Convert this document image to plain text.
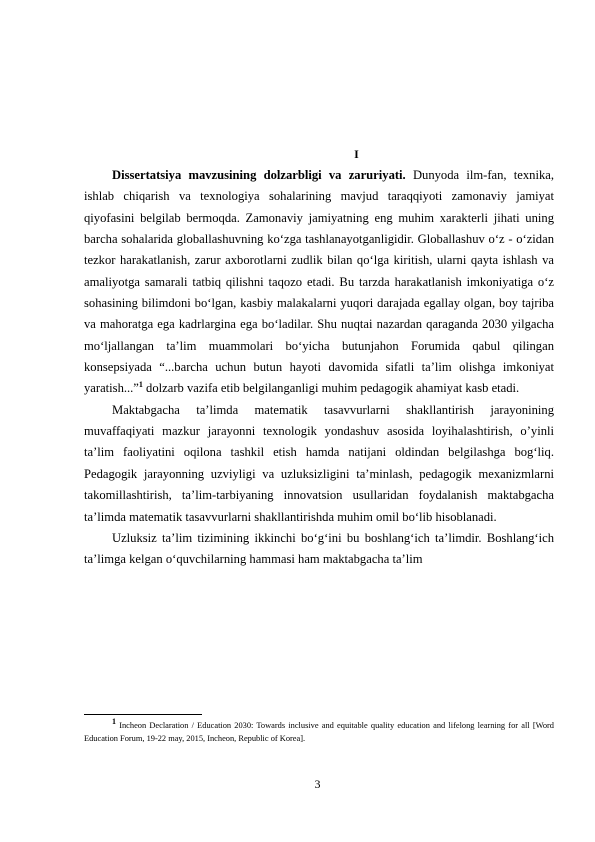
I

Dissertatsiya mavzusining dolzarbligi va zaruriyati. Dunyoda ilm-fan, texnika, ishlab chiqarish va texnologiya sohalarining mavjud taraqqiyoti zamonaviy jamiyat qiyofasini belgilab bermoqda. Zamonaviy jamiyatning eng muhim xarakterli jihati uning barcha sohalarida globallashuvning ko‘zga tashlanayotganligidir. Globallashuv o‘z - o‘zidan tezkor harakatlanish, zarur axborotlarni zudlik bilan qo‘lga kiritish, ularni qayta ishlash va amaliyotga samarali tatbiq qilishni taqozo etadi. Bu tarzda harakatlanish imkoniyatiga o‘z sohasining bilimdoni bo‘lgan, kasbiy malakalarni yuqori darajada egallay olgan, boy tajriba va mahoratga ega kadrlargina ega bo‘ladilar. Shu nuqtai nazardan qaraganda 2030 yilgacha mo‘ljallangan ta’lim muammolari bo‘yicha butunjahon Forumida qabul qilingan konsepsiyada “...barcha uchun butun hayoti davomida sifatli ta’lim olishga imkoniyat yaratish...”$^1$ dolzarb vazifa etib belgilanganligi muhim pedagogik ahamiyat kasb etadi.

Maktabgacha ta’limda matematik tasavvurlarni shakllantirish jarayonining muvaffaqiyati mazkur jarayonni texnologik yondashuv asosida loyihalashtirish, o’yinli ta’lim faoliyatini oqilona tashkil etish hamda natijani oldindan belgilashga bog‘liq. Pedagogik jarayonning uzviyligi va uzluksizligini ta’minlash, pedagogik mexanizmlarni takomillashtirish, ta’lim-tarbiyaning innovatsion usullaridan foydalanish maktabgacha ta’limda matematik tasavvurlarni shakllantirishda muhim omil bo‘lib hisoblanadi.

Uzluksiz ta’lim tizimining ikkinchi bo‘g‘ini bu boshlang‘ich ta’limdir. Boshlang‘ich ta’limga kelgan o‘quvchilarning hammasi ham maktabgacha ta’lim

$^1$ Incheon Declaration / Education 2030: Towards inclusive and equitable quality education and lifelong learning for all [Word Education Forum, 19-22 may, 2015, Incheon, Republic of Korea].

3
